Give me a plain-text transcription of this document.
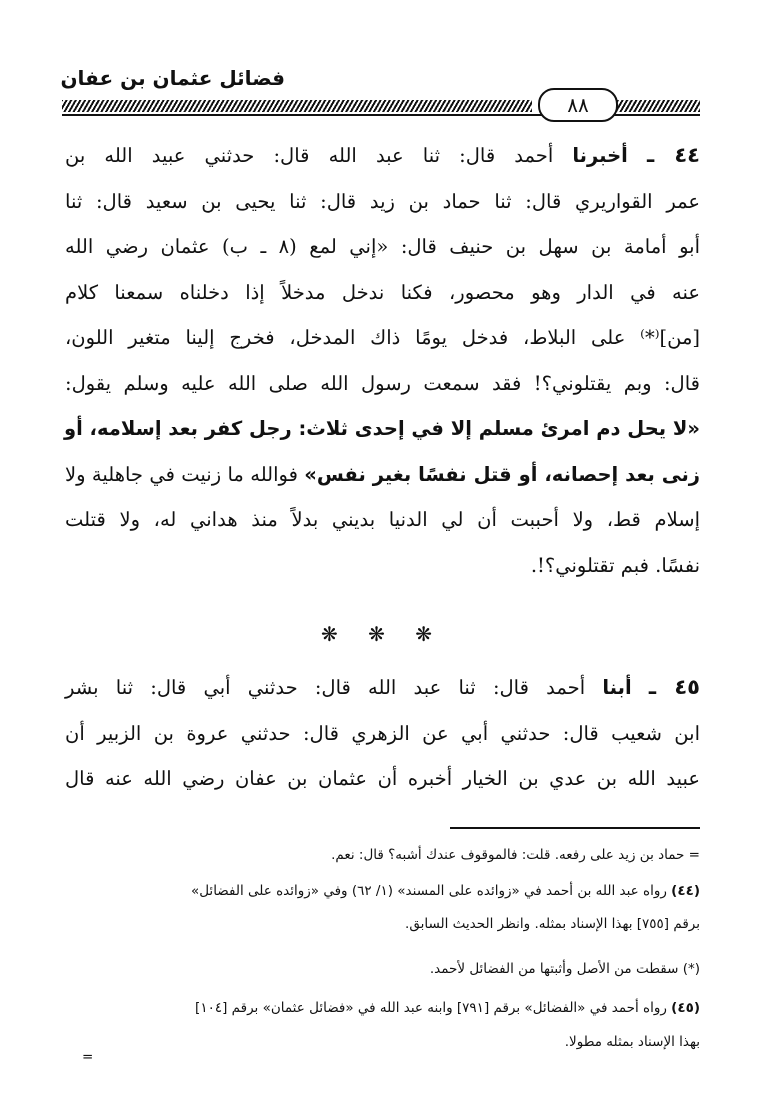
فضائل عثمان بن عفان
٨٨
٤٤ ـ أخبرنا أحمد قال: ثنا عبد الله قال: حدثني عبيد الله بن
عمر القواريري قال: ثنا حماد بن زيد قال: ثنا يحيى بن سعيد قال: ثنا
أبو أمامة بن سهل بن حنيف قال: «إني لمع (٨ ـ ب) عثمان رضي الله
عنه في الدار وهو محصور، فكنا ندخل مدخلاً إذا دخلناه سمعنا كلام
[من]⁽*⁾ على البلاط، فدخل يومًا ذاك المدخل، فخرج إلينا متغير اللون،
قال: وبم يقتلوني؟! فقد سمعت رسول الله صلى الله عليه وسلم يقول:
«لا يحل دم امرئ مسلم إلا في إحدى ثلاث: رجل كفر بعد إسلامه، أو
زنى بعد إحصانه، أو قتل نفسًا بغير نفس» فوالله ما زنيت في جاهلية ولا
إسلام قط، ولا أحببت أن لي الدنيا بديني بدلاً منذ هداني له، ولا قتلت
نفسًا. فبم تقتلوني؟!.
❋ ❋ ❋
٤٥ ـ أبنا أحمد قال: ثنا عبد الله قال: حدثني أبي قال: ثنا بشر
ابن شعيب قال: حدثني أبي عن الزهري قال: حدثني عروة بن الزبير أن
عبيد الله بن عدي بن الخيار أخبره أن عثمان بن عفان رضي الله عنه قال
= حماد بن زيد على رفعه. قلت: فالموقوف عندك أشبه؟ قال: نعم.
(٤٤) رواه عبد الله بن أحمد في «زوائده على المسند» (١/ ٦٢) وفي «زوائده على الفضائل»
برقم [٧٥٥] بهذا الإسناد بمثله. وانظر الحديث السابق.
(*) سقطت من الأصل وأثبتها من الفضائل لأحمد.
(٤٥) رواه أحمد في «الفضائل» برقم [٧٩١] وابنه عبد الله في «فضائل عثمان» برقم [١٠٤]
بهذا الإسناد بمثله مطولا.
=
